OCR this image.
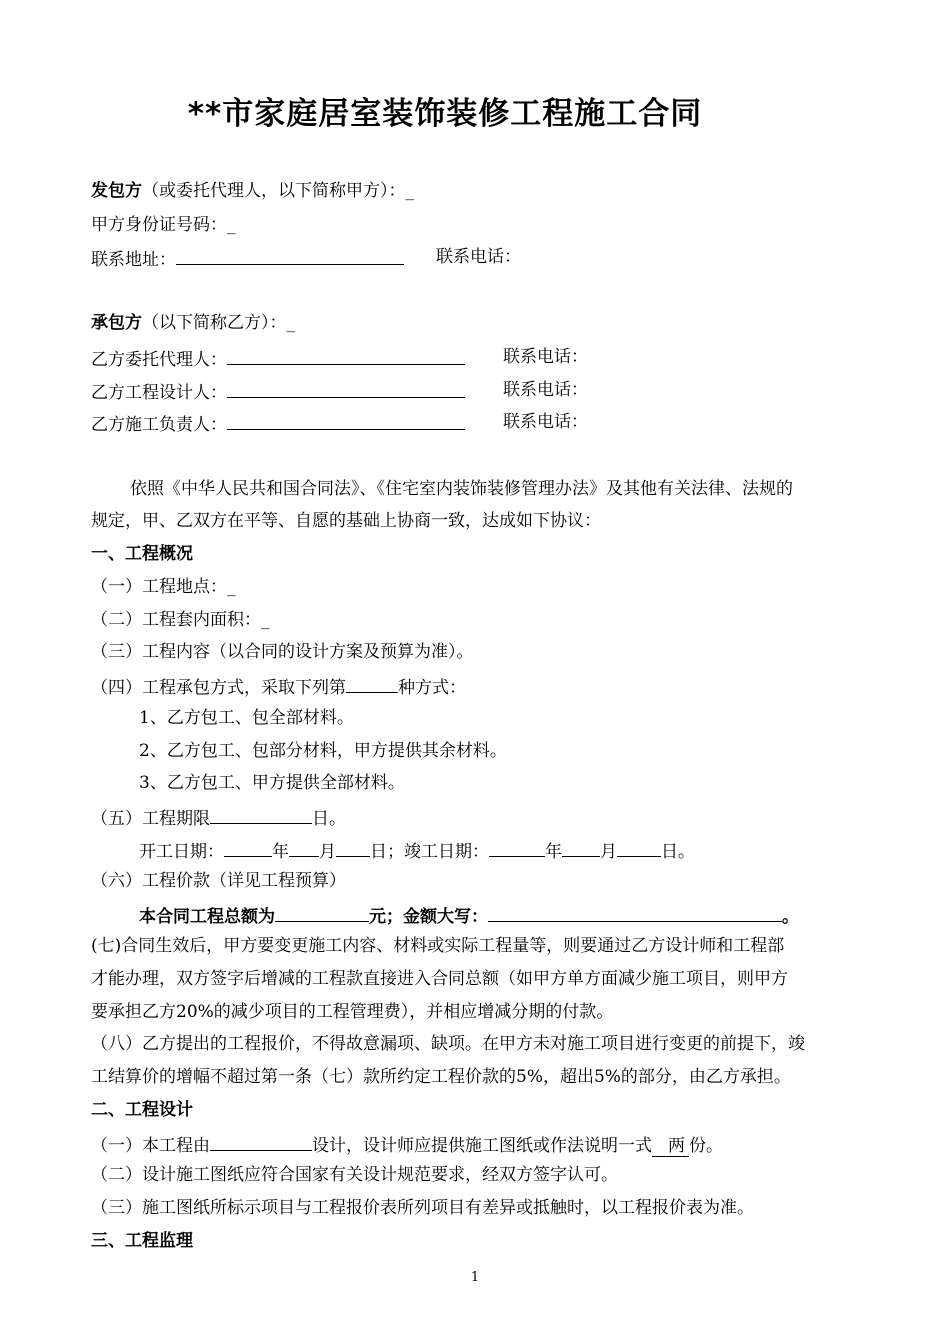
**市家庭居室装饰装修工程施工合同
发包方（或委托代理人，以下简称甲方）：_
甲方身份证号码：_
联系地址：	联系电话：
承包方（以下简称乙方）：_
乙方委托代理人：	联系电话：
乙方工程设计人：	联系电话：
乙方施工负责人：	联系电话：
依照《中华人民共和国合同法》、《住宅室内装饰装修管理办法》及其他有关法律、法规的
规定，甲、乙双方在平等、自愿的基础上协商一致，达成如下协议：
一、工程概况
（一）工程地点：_
（二）工程套内面积：_
（三）工程内容（以合同的设计方案及预算为准）。
（四）工程承包方式，采取下列第	种方式：
1、乙方包工、包全部材料。
2、乙方包工、包部分材料，甲方提供其余材料。
3、乙方包工、甲方提供全部材料。
（五）工程期限	日。
开工日期：	年 月 日；竣工日期：	年 月	日。
（六）工程价款（详见工程预算）
本合同工程总额为	元；金额大写：	。
(七)合同生效后，甲方要变更施工内容、材料或实际工程量等，则要通过乙方设计师和工程部
才能办理，双方签字后增减的工程款直接进入合同总额（如甲方单方面减少施工项目，则甲方
要承担乙方20%的减少项目的工程管理费），并相应增减分期的付款。
（八）乙方提出的工程报价，不得故意漏项、缺项。在甲方未对施工项目进行变更的前提下，竣
工结算价的增幅不超过第一条（七）款所约定工程价款的5%，超出5%的部分，由乙方承担。
二、工程设计
（一）本工程由	设计，设计师应提供施工图纸或作法说明一式 两 份。
（二）设计施工图纸应符合国家有关设计规范要求，经双方签字认可。
（三）施工图纸所标示项目与工程报价表所列项目有差异或抵触时，以工程报价表为准。
三、工程监理
1
